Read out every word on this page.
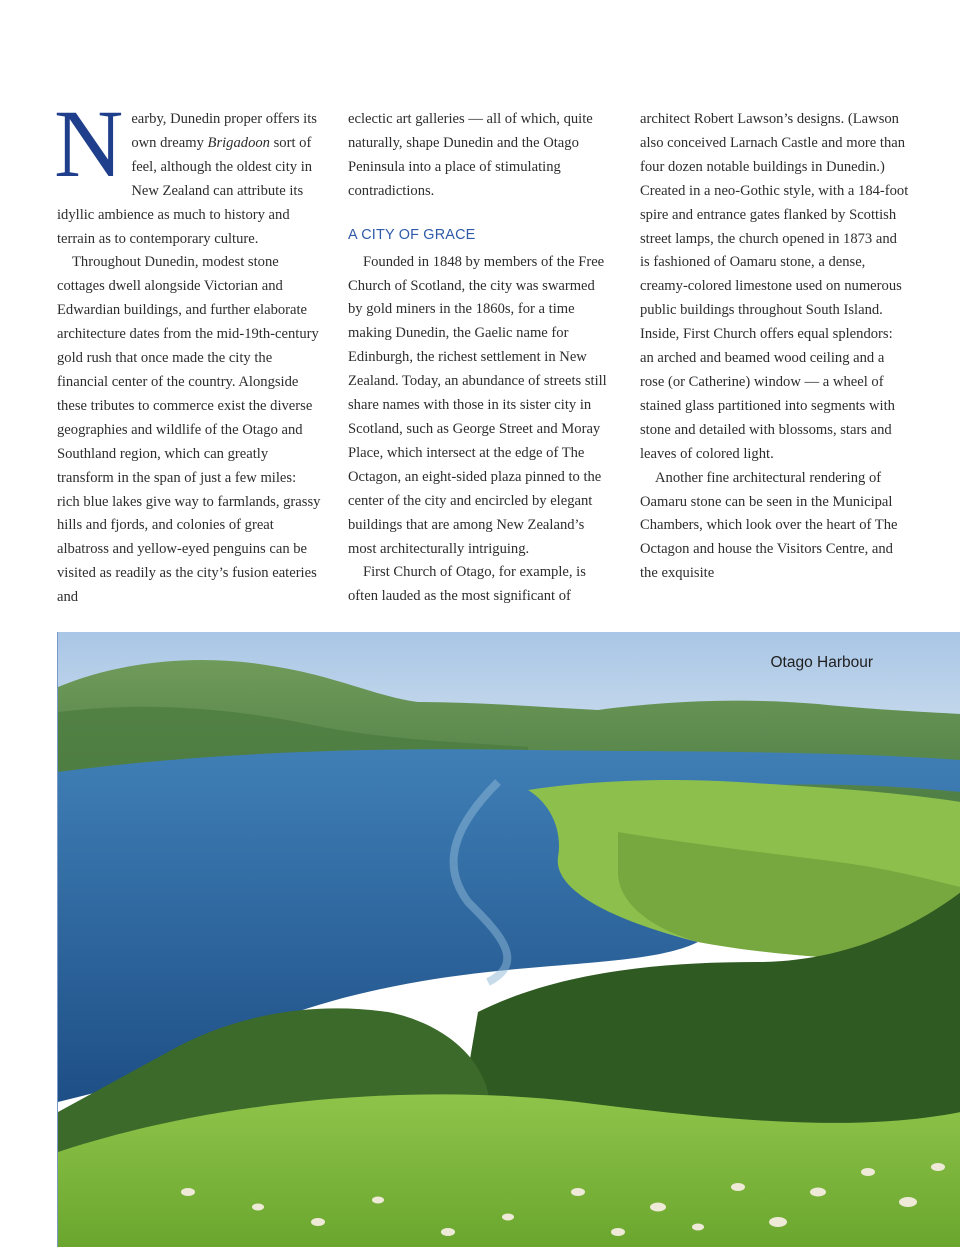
Nearby, Dunedin proper offers its own dreamy Brigadoon sort of feel, although the oldest city in New Zealand can attribute its idyllic ambience as much to history and terrain as to contemporary culture.

Throughout Dunedin, modest stone cottages dwell alongside Victorian and Edwardian buildings, and further elaborate architecture dates from the mid-19th-century gold rush that once made the city the financial center of the country. Alongside these tributes to commerce exist the diverse geographies and wildlife of the Otago and Southland region, which can greatly transform in the span of just a few miles: rich blue lakes give way to farmlands, grassy hills and fjords, and colonies of great albatross and yellow-eyed penguins can be visited as readily as the city’s fusion eateries and

eclectic art galleries — all of which, quite naturally, shape Dunedin and the Otago Peninsula into a place of stimulating contradictions.

A CITY OF GRACE

Founded in 1848 by members of the Free Church of Scotland, the city was swarmed by gold miners in the 1860s, for a time making Dunedin, the Gaelic name for Edinburgh, the richest settlement in New Zealand. Today, an abundance of streets still share names with those in its sister city in Scotland, such as George Street and Moray Place, which intersect at the edge of The Octagon, an eight-sided plaza pinned to the center of the city and encircled by elegant buildings that are among New Zealand’s most architecturally intriguing.

First Church of Otago, for example, is often lauded as the most significant of

architect Robert Lawson’s designs. (Lawson also conceived Larnach Castle and more than four dozen notable buildings in Dunedin.) Created in a neo-Gothic style, with a 184-foot spire and entrance gates flanked by Scottish street lamps, the church opened in 1873 and is fashioned of Oamaru stone, a dense, creamy-colored limestone used on numerous public buildings throughout South Island. Inside, First Church offers equal splendors: an arched and beamed wood ceiling and a rose (or Catherine) window — a wheel of stained glass partitioned into segments with stone and detailed with blossoms, stars and leaves of colored light.

Another fine architectural rendering of Oamaru stone can be seen in the Municipal Chambers, which look over the heart of The Octagon and house the Visitors Centre, and the exquisite

Otago Harbour
